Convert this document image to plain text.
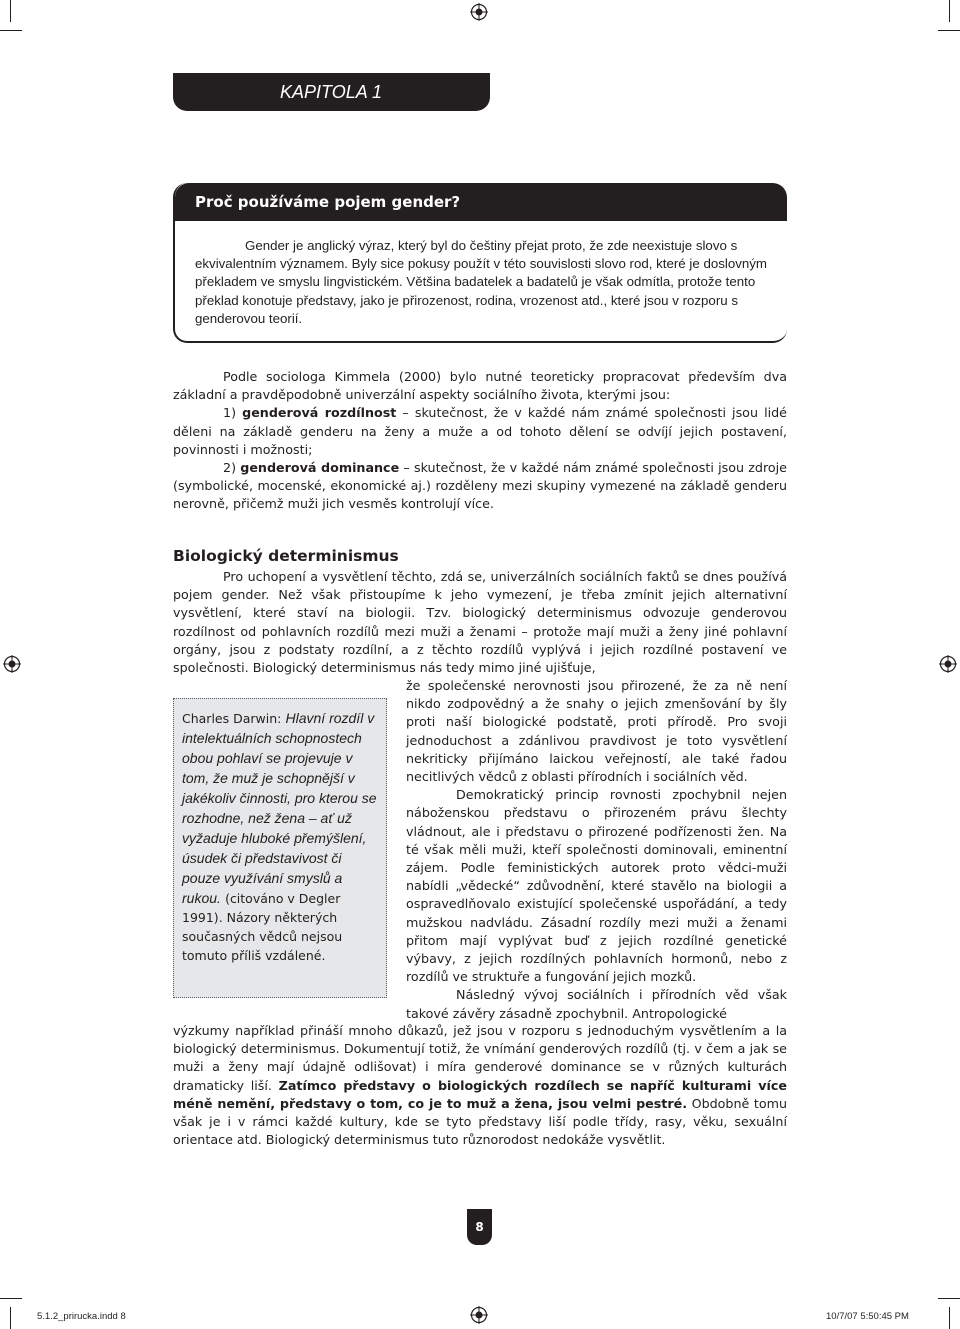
KAPITOLA 1
Proč používáme pojem gender?
Gender je anglický výraz, který byl do češtiny přejat proto, že zde neexistuje slovo s ekvivalentním významem. Byly sice pokusy použít v této souvislosti slovo rod, které je doslovným překladem ve smyslu lingvistickém. Většina badatelek a badatelů je však odmítla, protože tento překlad konotuje představy, jako je přirozenost, rodina, vrozenost atd., které jsou v rozporu s genderovou teorií.

Podle sociologa Kimmela (2000) bylo nutné teoreticky propracovat především dva základní a pravděpodobně univerzální aspekty sociálního života, kterými jsou:

1) genderová rozdílnost – skutečnost, že v každé nám známé společnosti jsou lidé děleni na základě genderu na ženy a muže a od tohoto dělení se odvíjí jejich postavení, povinnosti i možnosti;

2) genderová dominance – skutečnost, že v každé nám známé společnosti jsou zdroje (symbolické, mocenské, ekonomické aj.) rozděleny mezi skupiny vymezené na základě genderu nerovně, přičemž muži jich vesměs kontrolují více.

Biologický determinismus

Pro uchopení a vysvětlení těchto, zdá se, univerzálních sociálních faktů se dnes používá pojem gender. Než však přistoupíme k jeho vymezení, je třeba zmínit jejich alternativní vysvětlení, které staví na biologii. Tzv. biologický determinismus odvozuje genderovou rozdílnost od pohlavních rozdílů mezi muži a ženami – protože mají muži a ženy jiné pohlavní orgány, jsou z podstaty rozdílní, a z těchto rozdílů vyplývá i jejich rozdílné postavení ve společnosti. Biologický determinismus nás tedy mimo jiné ujišťuje,

Charles Darwin: Hlavní rozdíl v intelektuálních schopnostech obou pohlaví se projevuje v tom, že muž je schopnější v jakékoliv činnosti, pro kterou se rozhodne, než žena – ať už vyžaduje hluboké přemýšlení, úsudek či představivost či pouze využívání smyslů a rukou. (citováno v Degler 1991). Názory některých současných vědců nejsou tomuto příliš vzdálené.

že společenské nerovnosti jsou přirozené, že za ně není nikdo zodpovědný a že snahy o jejich zmenšování by šly proti naší biologické podstatě, proti přírodě. Pro svoji jednoduchost a zdánlivou pravdivost je toto vysvětlení nekriticky přijímáno laickou veřejností, ale také řadou necitlivých vědců z oblasti přírodních i sociálních věd.

Demokratický princip rovnosti zpochybnil nejen náboženskou představu o přirozeném právu šlechty vládnout, ale i představu o přirozené podřízenosti žen. Na té však měli muži, kteří společnosti dominovali, eminentní zájem. Podle feministických autorek proto vědci-muži nabídli „vědecké“ zdůvodnění, které stavělo na biologii a ospravedlňovalo existující společenské uspořádání, a tedy mužskou nadvládu. Zásadní rozdíly mezi muži a ženami přitom mají vyplývat buď z jejich rozdílné genetické výbavy, z jejich rozdílných pohlavních hormonů, nebo z rozdílů ve struktuře a fungování jejich mozků.

Následný vývoj sociálních i přírodních věd však takové závěry zásadně zpochybnil. Antropologické

výzkumy například přináší mnoho důkazů, jež jsou v rozporu s jednoduchým vysvětlením a la biologický determinismus. Dokumentují totiž, že vnímání genderových rozdílů (tj. v čem a jak se muži a ženy mají údajně odlišovat) i míra genderové dominance se v různých kulturách dramaticky liší. Zatímco představy o biologických rozdílech se napříč kulturami více méně nemění, představy o tom, co je to muž a žena, jsou velmi pestré. Obdobně tomu však je i v rámci každé kultury, kde se tyto představy liší podle třídy, rasy, věku, sexuální orientace atd. Biologický determinismus tuto různorodost nedokáže vysvětlit.

8
5.1.2_prirucka.indd 8	10/7/07 5:50:45 PM
